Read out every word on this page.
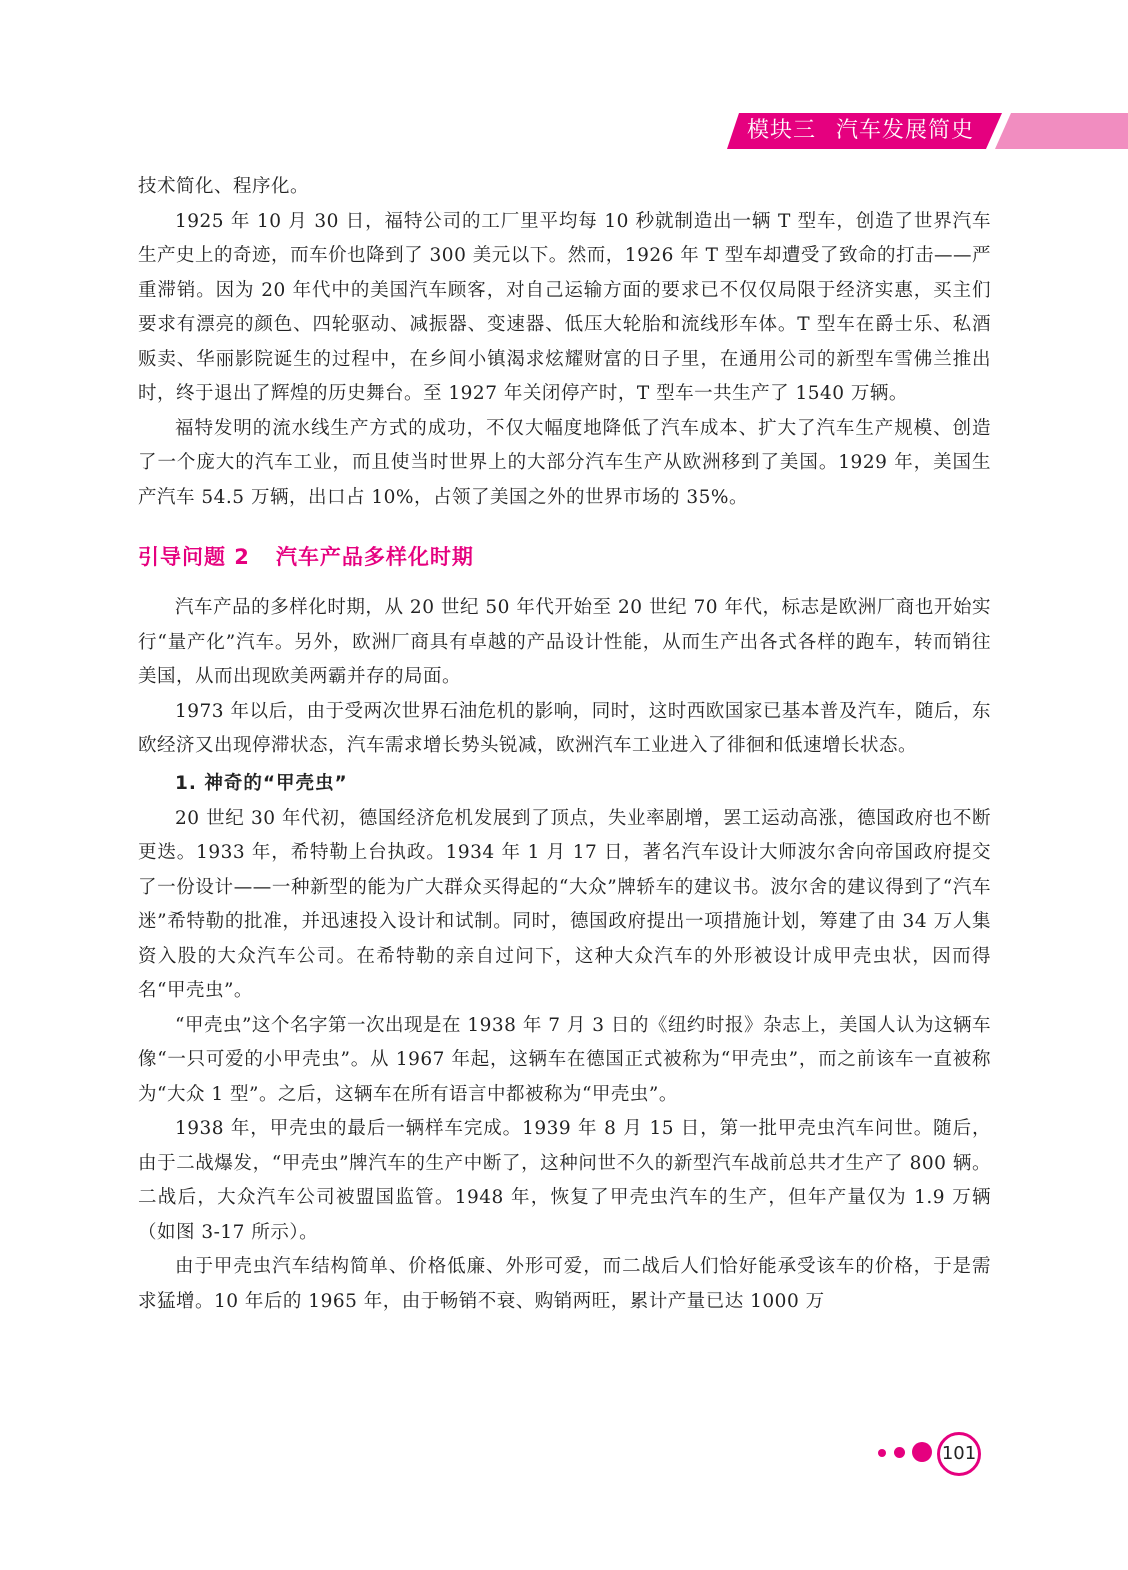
模块三 汽车发展简史

技术简化、程序化。

1925 年 10 月 30 日，福特公司的工厂里平均每 10 秒就制造出一辆 T 型车，创造了世界汽车生产史上的奇迹，而车价也降到了 300 美元以下。然而，1926 年 T 型车却遭受了致命的打击——严重滞销。因为 20 年代中的美国汽车顾客，对自己运输方面的要求已不仅仅局限于经济实惠，买主们要求有漂亮的颜色、四轮驱动、减振器、变速器、低压大轮胎和流线形车体。T 型车在爵士乐、私酒贩卖、华丽影院诞生的过程中，在乡间小镇渴求炫耀财富的日子里，在通用公司的新型车雪佛兰推出时，终于退出了辉煌的历史舞台。至 1927 年关闭停产时，T 型车一共生产了 1540 万辆。

福特发明的流水线生产方式的成功，不仅大幅度地降低了汽车成本、扩大了汽车生产规模、创造了一个庞大的汽车工业，而且使当时世界上的大部分汽车生产从欧洲移到了美国。1929 年，美国生产汽车 54.5 万辆，出口占 10%，占领了美国之外的世界市场的 35%。

引导问题 2 汽车产品多样化时期

汽车产品的多样化时期，从 20 世纪 50 年代开始至 20 世纪 70 年代，标志是欧洲厂商也开始实行“量产化”汽车。另外，欧洲厂商具有卓越的产品设计性能，从而生产出各式各样的跑车，转而销往美国，从而出现欧美两霸并存的局面。

1973 年以后，由于受两次世界石油危机的影响，同时，这时西欧国家已基本普及汽车，随后，东欧经济又出现停滞状态，汽车需求增长势头锐减，欧洲汽车工业进入了徘徊和低速增长状态。

1. 神奇的“甲壳虫”

20 世纪 30 年代初，德国经济危机发展到了顶点，失业率剧增，罢工运动高涨，德国政府也不断更迭。1933 年，希特勒上台执政。1934 年 1 月 17 日，著名汽车设计大师波尔舍向帝国政府提交了一份设计——一种新型的能为广大群众买得起的“大众”牌轿车的建议书。波尔舍的建议得到了“汽车迷”希特勒的批准，并迅速投入设计和试制。同时，德国政府提出一项措施计划，筹建了由 34 万人集资入股的大众汽车公司。在希特勒的亲自过问下，这种大众汽车的外形被设计成甲壳虫状，因而得名“甲壳虫”。

“甲壳虫”这个名字第一次出现是在 1938 年 7 月 3 日的《纽约时报》杂志上，美国人认为这辆车像“一只可爱的小甲壳虫”。从 1967 年起，这辆车在德国正式被称为“甲壳虫”，而之前该车一直被称为“大众 1 型”。之后，这辆车在所有语言中都被称为“甲壳虫”。

1938 年，甲壳虫的最后一辆样车完成。1939 年 8 月 15 日，第一批甲壳虫汽车问世。随后，由于二战爆发，“甲壳虫”牌汽车的生产中断了，这种问世不久的新型汽车战前总共才生产了 800 辆。二战后，大众汽车公司被盟国监管。1948 年，恢复了甲壳虫汽车的生产，但年产量仅为 1.9 万辆（如图 3-17 所示）。

由于甲壳虫汽车结构简单、价格低廉、外形可爱，而二战后人们恰好能承受该车的价格，于是需求猛增。10 年后的 1965 年，由于畅销不衰、购销两旺，累计产量已达 1000 万

101
